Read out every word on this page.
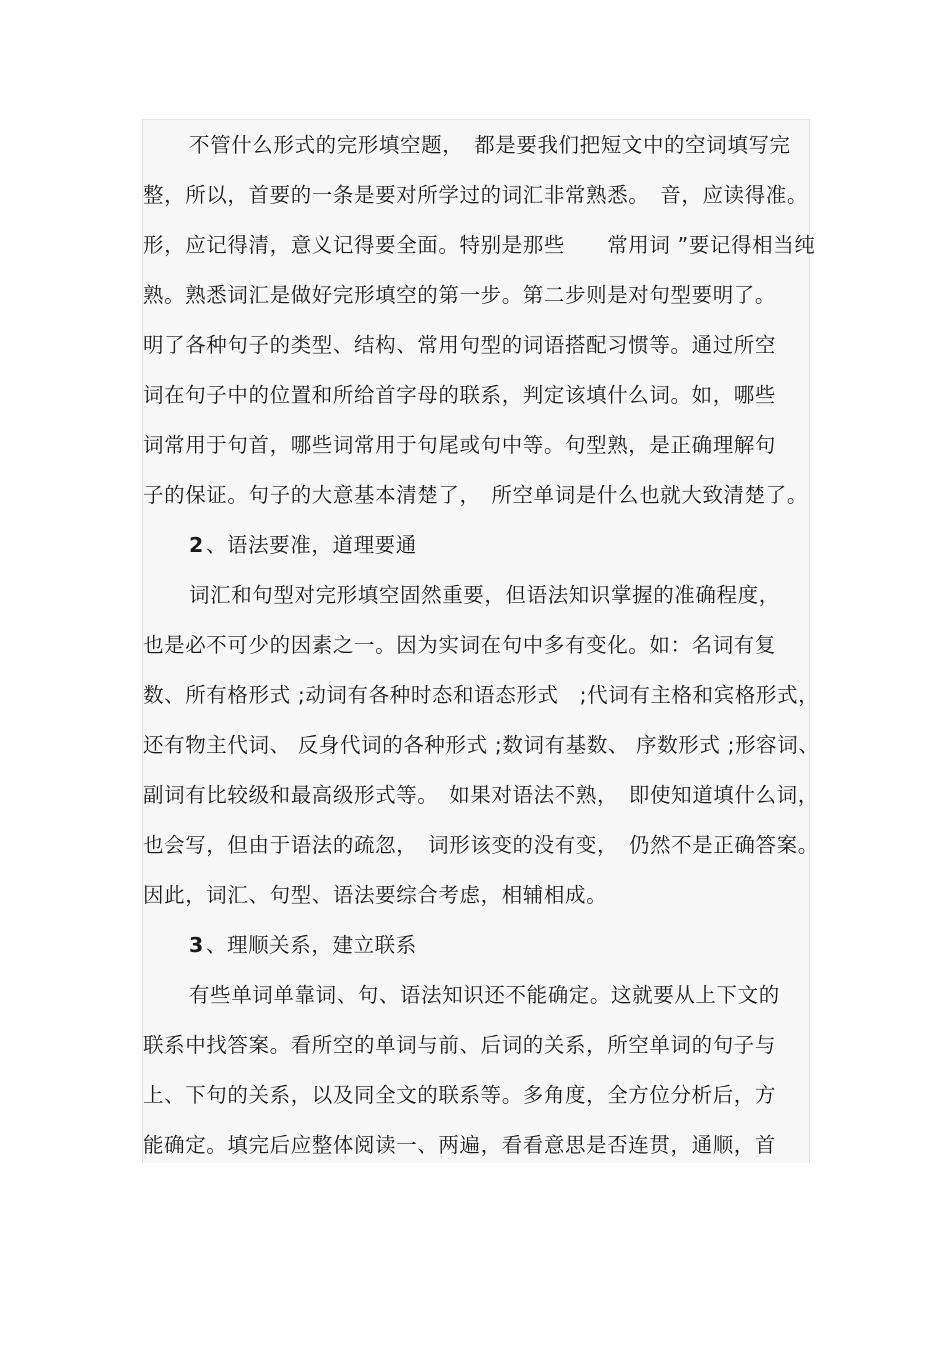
不管什么形式的完形填空题，　都是要我们把短文中的空词填写完
整，所以，首要的一条是要对所学过的词汇非常熟悉。　音，应读得准。
形，应记得清，意义记得要全面。特别是那些　　常用词 ”要记得相当纯
熟。熟悉词汇是做好完形填空的第一步。第二步则是对句型要明了。
明了各种句子的类型、结构、常用句型的词语搭配习惯等。通过所空
词在句子中的位置和所给首字母的联系，判定该填什么词。如，哪些
词常用于句首，哪些词常用于句尾或句中等。句型熟，是正确理解句
子的保证。句子的大意基本清楚了，　所空单词是什么也就大致清楚了。
2、语法要准，道理要通
词汇和句型对完形填空固然重要，但语法知识掌握的准确程度，
也是必不可少的因素之一。因为实词在句中多有变化。如：名词有复
数、所有格形式 ;动词有各种时态和语态形式　;代词有主格和宾格形式，
还有物主代词、 反身代词的各种形式 ;数词有基数、 序数形式 ;形容词、
副词有比较级和最高级形式等。　如果对语法不熟，　即使知道填什么词，
也会写，但由于语法的疏忽，　词形该变的没有变，　仍然不是正确答案。
因此，词汇、句型、语法要综合考虑，相辅相成。
3、理顺关系，建立联系
有些单词单靠词、句、语法知识还不能确定。这就要从上下文的
联系中找答案。看所空的单词与前、后词的关系，所空单词的句子与
上、下句的关系，以及同全文的联系等。多角度，全方位分析后，方
能确定。填完后应整体阅读一、两遍，看看意思是否连贯，通顺，首
